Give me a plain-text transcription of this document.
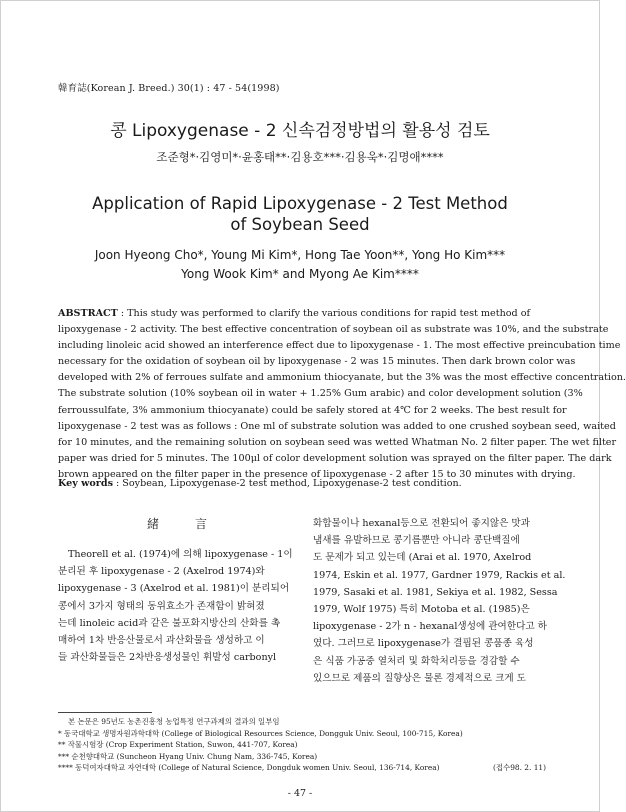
韓育誌(Korean J. Breed.) 30(1) : 47 - 54(1998)
콩 Lipoxygenase - 2 신속검정방법의 활용성 검토
조준형*·김영미*·윤홍태**·김용호***·김용욱*·김명애****
Application of Rapid Lipoxygenase - 2 Test Method
of Soybean Seed
Joon Hyeong Cho*, Young Mi Kim*, Hong Tae Yoon**, Yong Ho Kim***
Yong Wook Kim* and Myong Ae Kim****
ABSTRACT : This study was performed to clarify the various conditions for rapid test method of
lipoxygenase - 2 activity. The best effective concentration of soybean oil as substrate was 10%, and the substrate
including linoleic acid showed an interference effect due to lipoxygenase - 1. The most effective preincubation time
necessary for the oxidation of soybean oil by lipoxygenase - 2 was 15 minutes. Then dark brown color was
developed with 2% of ferroues sulfate and ammonium thiocyanate, but the 3% was the most effective concentration.
The substrate solution (10% soybean oil in water + 1.25% Gum arabic) and color development solution (3%
ferroussulfate, 3% ammonium thiocyanate) could be safely stored at 4℃ for 2 weeks. The best result for
lipoxygenase - 2 test was as follows : One ml of substrate solution was added to one crushed soybean seed, waited
for 10 minutes, and the remaining solution on soybean seed was wetted Whatman No. 2 filter paper. The wet filter
paper was dried for 5 minutes. The 100μl of color development solution was sprayed on the filter paper. The dark
brown appeared on the filter paper in the presence of lipoxygenase - 2 after 15 to 30 minutes with drying.
Key words : Soybean, Lipoxygenase-2 test method, Lipoxygenase-2 test condition.
緒言
Theorell et al. (1974)에 의해 lipoxygenase - 1이
분리된 후 lipoxygenase - 2 (Axelrod 1974)와
lipoxygenase - 3 (Axelrod et al. 1981)이 분리되어
콩에서 3가지 형태의 동위효소가 존재함이 밝혀졌
는데 linoleic acid과 같은 불포화지방산의 산화를 촉
매하여 1차 반응산물로서 과산화물을 생성하고 이
들 과산화물들은 2차반응생성물인 휘발성 carbonyl
화합물이나 hexanal등으로 전환되어 좋지않은 맛과
냄새를 유발하므로 콩기름뿐만 아니라 콩단백질에
도 문제가 되고 있는데 (Arai et al. 1970, Axelrod
1974, Eskin et al. 1977, Gardner 1979, Rackis et al.
1979, Sasaki et al. 1981, Sekiya et al. 1982, Sessa
1979, Wolf 1975) 특히 Motoba et al. (1985)은
lipoxygenase - 2가 n - hexanal생성에 관여한다고 하
였다. 그러므로 lipoxygenase가 결핍된 콩품종 육성
은 식품 가공중 열처리 및 화학처리등을 경감할 수
있으므로 제품의 질향상은 물론 경제적으로 크게 도
본 논문은 95년도 농촌진흥청 농업특정 연구과제의 결과의 일부임
* 동국대학교 생명자원과학대학 (College of Biological Resources Science, Dongguk Univ. Seoul, 100-715, Korea)
** 작물시험장 (Crop Experiment Station, Suwon, 441-707, Korea)
*** 순천향대학교 (Suncheon Hyang Univ. Chung Nam, 336-745, Korea)
**** 동덕여자대학교 자연대학 (College of Natural Science, Dongduk women Univ. Seoul, 136-714, Korea)	(접수98. 2. 11)
- 47 -
